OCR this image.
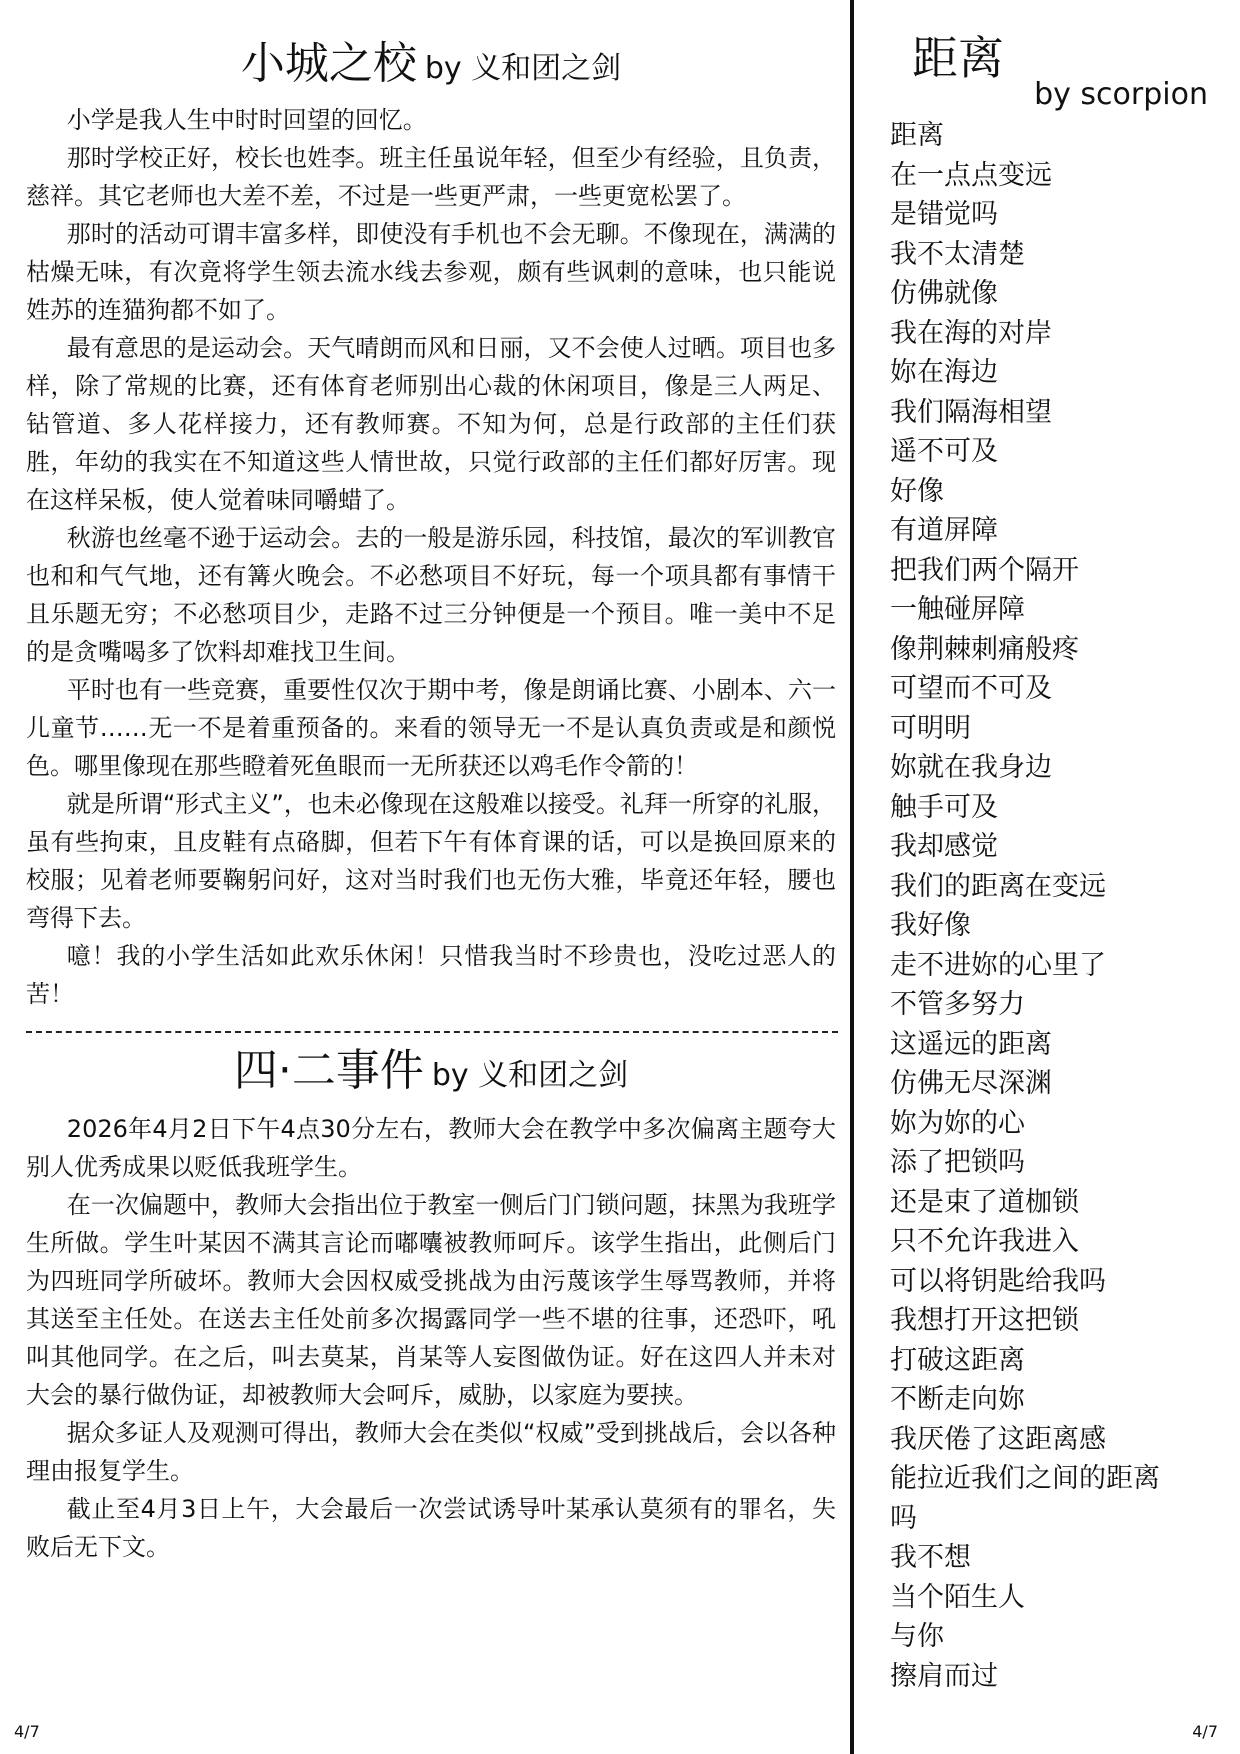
小城之校 by 义和团之剑

小学是我人生中时时回望的回忆。

那时学校正好，校长也姓李。班主任虽说年轻，但至少有经验，且负责，慈祥。其它老师也大差不差，不过是一些更严肃，一些更宽松罢了。

那时的活动可谓丰富多样，即使没有手机也不会无聊。不像现在，满满的枯燥无味，有次竟将学生领去流水线去参观，颇有些讽刺的意味，也只能说姓苏的连猫狗都不如了。

最有意思的是运动会。天气晴朗而风和日丽，又不会使人过晒。项目也多样，除了常规的比赛，还有体育老师别出心裁的休闲项目，像是三人两足、钻管道、多人花样接力，还有教师赛。不知为何，总是行政部的主任们获胜，年幼的我实在不知道这些人情世故，只觉行政部的主任们都好厉害。现在这样呆板，使人觉着味同嚼蜡了。

秋游也丝毫不逊于运动会。去的一般是游乐园，科技馆，最次的军训教官也和和气气地，还有篝火晚会。不必愁项目不好玩，每一个项具都有事情干且乐题无穷；不必愁项目少，走路不过三分钟便是一个预目。唯一美中不足的是贪嘴喝多了饮料却难找卫生间。

平时也有一些竞赛，重要性仅次于期中考，像是朗诵比赛、小剧本、六一儿童节……无一不是着重预备的。来看的领导无一不是认真负责或是和颜悦色。哪里像现在那些瞪着死鱼眼而一无所获还以鸡毛作令箭的！

就是所谓“形式主义”，也未必像现在这般难以接受。礼拜一所穿的礼服，虽有些拘束，且皮鞋有点硌脚，但若下午有体育课的话，可以是换回原来的校服；见着老师要鞠躬问好，这对当时我们也无伤大雅，毕竟还年轻，腰也弯得下去。

噫！我的小学生活如此欢乐休闲！只惜我当时不珍贵也，没吃过恶人的苦！

四·二事件 by 义和团之剑

2026年4月2日下午4点30分左右，教师大会在教学中多次偏离主题夸大别人优秀成果以贬低我班学生。

在一次偏题中，教师大会指出位于教室一侧后门门锁问题，抹黑为我班学生所做。学生叶某因不满其言论而嘟囔被教师呵斥。该学生指出，此侧后门为四班同学所破坏。教师大会因权威受挑战为由污蔑该学生辱骂教师，并将其送至主任处。在送去主任处前多次揭露同学一些不堪的往事，还恐吓，吼叫其他同学。在之后，叫去莫某，肖某等人妄图做伪证。好在这四人并未对大会的暴行做伪证，却被教师大会呵斥，威胁，以家庭为要挟。

据众多证人及观测可得出，教师大会在类似“权威”受到挑战后，会以各种理由报复学生。

截止至4月3日上午，大会最后一次尝试诱导叶某承认莫须有的罪名，失败后无下文。

距离
by scorpion
距离
在一点点变远
是错觉吗
我不太清楚
仿佛就像
我在海的对岸
妳在海边
我们隔海相望
遥不可及
好像
有道屏障
把我们两个隔开
一触碰屏障
像荆棘刺痛般疼
可望而不可及
可明明
妳就在我身边
触手可及
我却感觉
我们的距离在变远
我好像
走不进妳的心里了
不管多努力
这遥远的距离
仿佛无尽深渊
妳为妳的心
添了把锁吗
还是束了道枷锁
只不允许我进入
可以将钥匙给我吗
我想打开这把锁
打破这距离
不断走向妳
我厌倦了这距离感
能拉近我们之间的距离
吗
我不想
当个陌生人
与你
擦肩而过
4/7	4/7
